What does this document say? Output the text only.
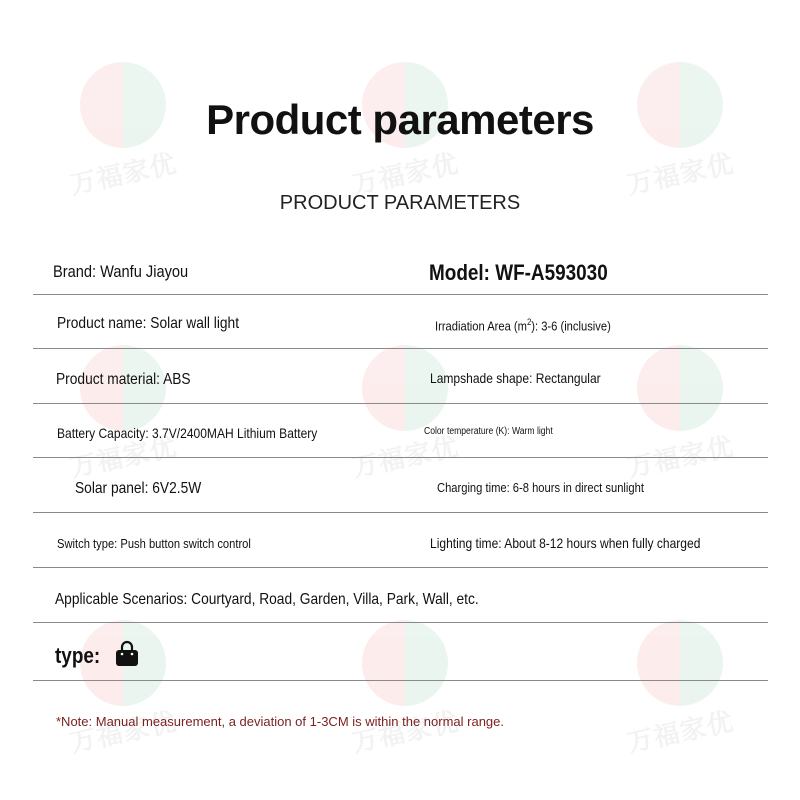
万福家优	万福家优	万福家优
万福家优	万福家优	万福家优
万福家优	万福家优	万福家优
Product parameters
PRODUCT PARAMETERS
Brand: Wanfu Jiayou	Model: WF-A593030
Product name: Solar wall light	Irradiation Area $(m^2)$: 3-6 (inclusive)
Product material: ABS	Lampshade shape: Rectangular
Battery Capacity: 3.7V/2400MAH Lithium Battery	Color temperature (K): Warm light
Solar panel: 6V2.5W	Charging time: 6-8 hours in direct sunlight
Switch type: Push button switch control	Lighting time: About 8-12 hours when fully charged
Applicable Scenarios: Courtyard, Road, Garden, Villa, Park, Wall, etc.
type:
*Note: Manual measurement, a deviation of 1-3CM is within the normal range.
